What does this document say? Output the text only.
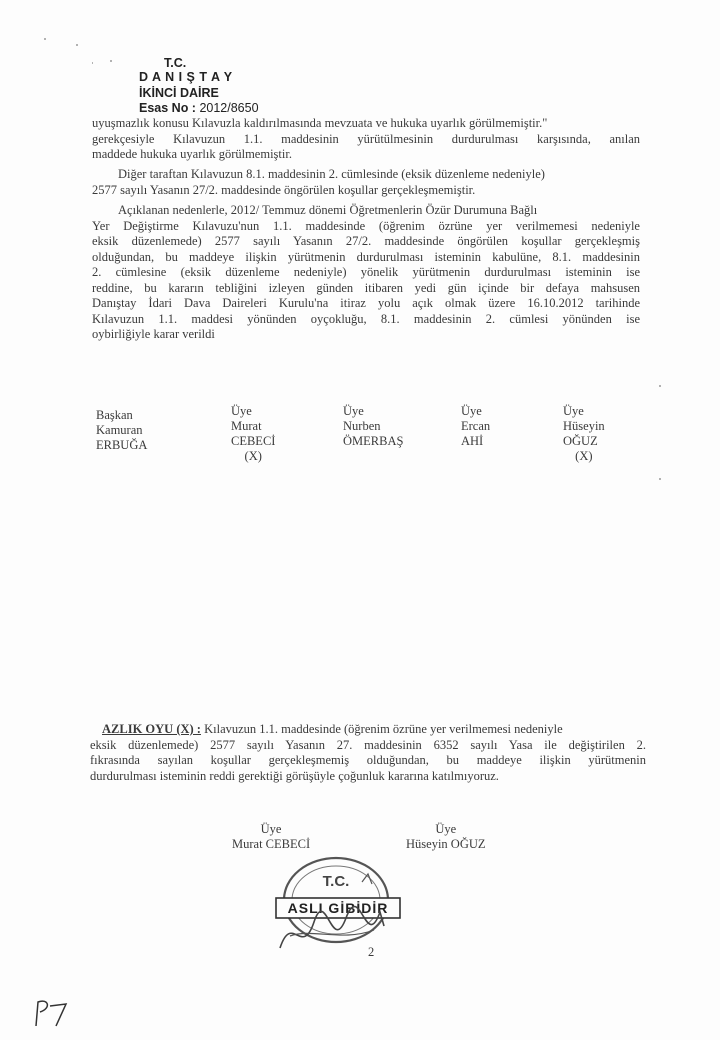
T.C.
D A N I Ş T A Y
İKİNCİ DAİRE
Esas No : 2012/8650
uyuşmazlık konusu Kılavuzla kaldırılmasında mevzuata ve hukuka uyarlık görülmemiştir."
gerekçesiyle Kılavuzun 1.1. maddesinin yürütülmesinin durdurulması karşısında, anılan
maddede hukuka uyarlık görülmemiştir.
Diğer taraftan Kılavuzun 8.1. maddesinin 2. cümlesinde (eksik düzenleme nedeniyle)
2577 sayılı Yasanın 27/2. maddesinde öngörülen koşullar gerçekleşmemiştir.
Açıklanan nedenlerle, 2012/ Temmuz dönemi Öğretmenlerin Özür Durumuna Bağlı
Yer Değiştirme Kılavuzu'nun 1.1. maddesinde (öğrenim özrüne yer verilmemesi nedeniyle
eksik düzenlemede) 2577 sayılı Yasanın 27/2. maddesinde öngörülen koşullar gerçekleşmiş
olduğundan, bu maddeye ilişkin yürütmenin durdurulması isteminin kabulüne, 8.1. maddesinin
2. cümlesine (eksik düzenleme nedeniyle) yönelik yürütmenin durdurulması isteminin ise
reddine, bu kararın tebliğini izleyen günden itibaren yedi gün içinde bir defaya mahsusen
Danıştay İdari Dava Daireleri Kurulu'na itiraz yolu açık olmak üzere 16.10.2012 tarihinde
Kılavuzun 1.1. maddesi yönünden oyçokluğu, 8.1. maddesinin 2. cümlesi yönünden ise
oybirliğiyle karar verildi
Başkan
Kamuran
ERBUĞA
Üye
Murat
CEBECİ
(X)
Üye
Nurben
ÖMERBAŞ
Üye
Ercan
AHİ
Üye
Hüseyin
OĞUZ
(X)
AZLIK OYU (X) : Kılavuzun 1.1. maddesinde (öğrenim özrüne yer verilmemesi nedeniyle
eksik düzenlemede) 2577 sayılı Yasanın 27. maddesinin 6352 sayılı Yasa ile değiştirilen 2.
fıkrasında sayılan koşullar gerçekleşmemiş olduğundan, bu maddeye ilişkin yürütmenin
durdurulması isteminin reddi gerektiği görüşüyle çoğunluk kararına katılmıyoruz.
Üye
Murat CEBECİ
Üye
Hüseyin OĞUZ
T.C.
ASLI GİBİDİR
2
